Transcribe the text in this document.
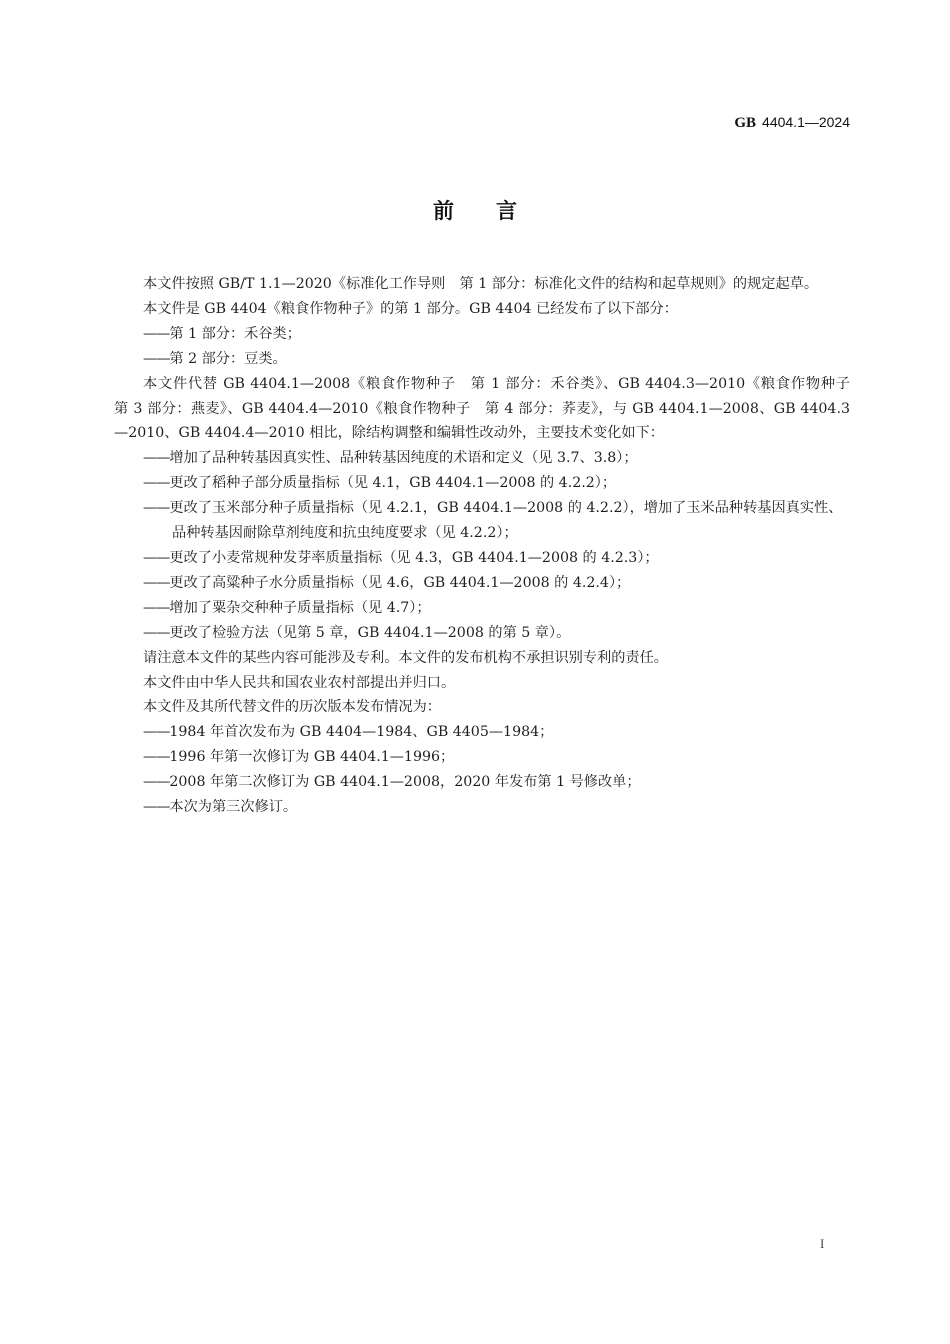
GB 4404.1—2024
前言

本文件按照 GB/T 1.1—2020《标准化工作导则　第 1 部分：标准化文件的结构和起草规则》的规定起草。

本文件是 GB 4404《粮食作物种子》的第 1 部分。GB 4404 已经发布了以下部分：

——第 1 部分：禾谷类；

——第 2 部分：豆类。

本文件代替 GB 4404.1—2008《粮食作物种子　第 1 部分：禾谷类》、GB 4404.3—2010《粮食作物种子　第 3 部分：燕麦》、GB 4404.4—2010《粮食作物种子　第 4 部分：荞麦》，与 GB 4404.1—2008、GB 4404.3—2010、GB 4404.4—2010 相比，除结构调整和编辑性改动外，主要技术变化如下：

——增加了品种转基因真实性、品种转基因纯度的术语和定义（见 3.7、3.8）；

——更改了稻种子部分质量指标（见 4.1，GB 4404.1—2008 的 4.2.2）；

——更改了玉米部分种子质量指标（见 4.2.1，GB 4404.1—2008 的 4.2.2），增加了玉米品种转基因真实性、品种转基因耐除草剂纯度和抗虫纯度要求（见 4.2.2）；

——更改了小麦常规种发芽率质量指标（见 4.3，GB 4404.1—2008 的 4.2.3）；

——更改了高粱种子水分质量指标（见 4.6，GB 4404.1—2008 的 4.2.4）；

——增加了粟杂交种种子质量指标（见 4.7）；

——更改了检验方法（见第 5 章，GB 4404.1—2008 的第 5 章）。

请注意本文件的某些内容可能涉及专利。本文件的发布机构不承担识别专利的责任。

本文件由中华人民共和国农业农村部提出并归口。

本文件及其所代替文件的历次版本发布情况为：

——1984 年首次发布为 GB 4404—1984、GB 4405—1984；

——1996 年第一次修订为 GB 4404.1—1996；

——2008 年第二次修订为 GB 4404.1—2008，2020 年发布第 1 号修改单；

——本次为第三次修订。

I
